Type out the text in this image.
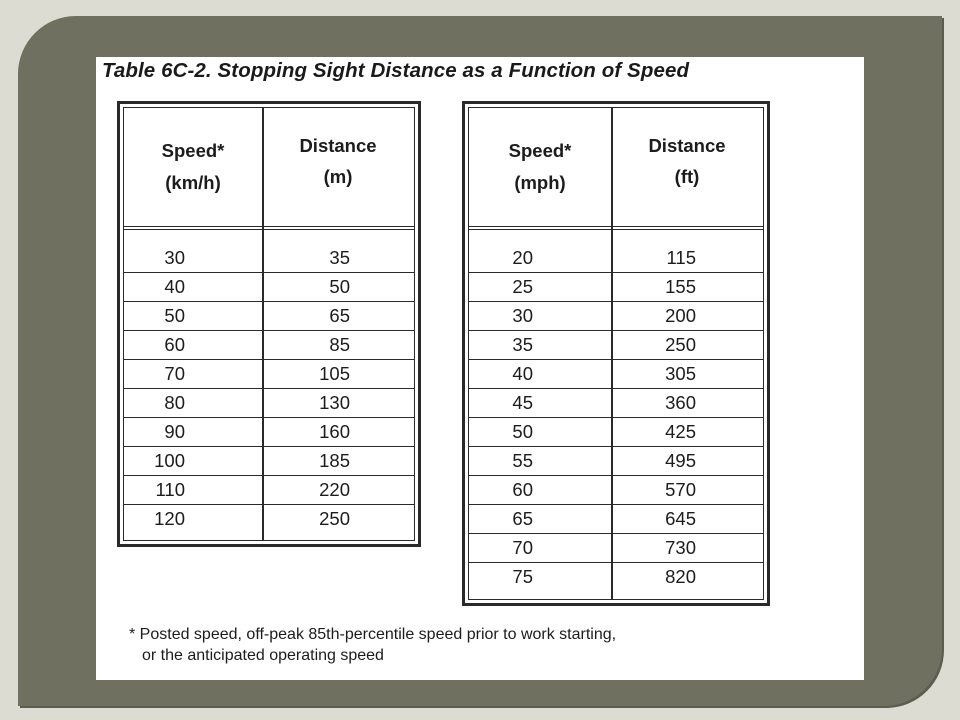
Table 6C-2. Stopping Sight Distance as a Function of Speed
Speed*
(km/h)
Distance
(m)
30	35
40	50
50	65
60	85
70	105
80	130
90	160
100	185
110	220
120	250
Speed*
(mph)
Distance
(ft)
20	115
25	155
30	200
35	250
40	305
45	360
50	425
55	495
60	570
65	645
70	730
75	820
* Posted speed, off-peak 85th-percentile speed prior to work starting,
or the anticipated operating speed
